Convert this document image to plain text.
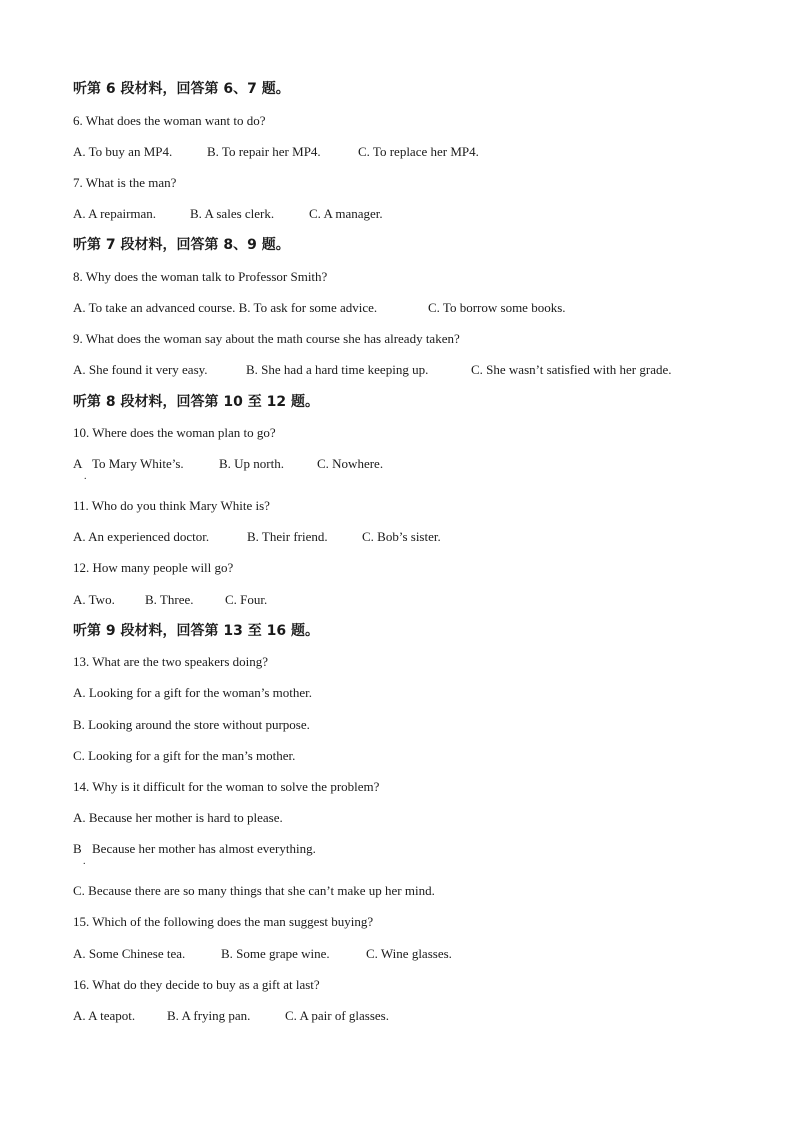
听第 6 段材料，回答第 6、7 题。
6. What does the woman want to do?
A. To buy an MP4.	B. To repair her MP4.	C. To replace her MP4.
7. What is the man?
A. A repairman.	B. A sales clerk.	C. A manager.
听第 7 段材料，回答第 8、9 题。
8. Why does the woman talk to Professor Smith?
A. To take an advanced course. B. To ask for some advice.	C. To borrow some books.
9. What does the woman say about the math course she has already taken?
A. She found it very easy.	B. She had a hard time keeping up.	C. She wasn’t satisfied with her grade.
听第 8 段材料，回答第 10 至 12 题。
10. Where does the woman plan to go?
A To Mary White’s.	B. Up north.	C. Nowhere.
.
11. Who do you think Mary White is?
A. An experienced doctor.	B. Their friend.	C. Bob’s sister.
12. How many people will go?
A. Two. B. Three. C. Four.
听第 9 段材料，回答第 13 至 16 题。
13. What are the two speakers doing?
A. Looking for a gift for the woman’s mother.
B. Looking around the store without purpose.
C. Looking for a gift for the man’s mother.
14. Why is it difficult for the woman to solve the problem?
A. Because her mother is hard to please.
B Because her mother has almost everything.
.
C. Because there are so many things that she can’t make up her mind.
15. Which of the following does the man suggest buying?
A. Some Chinese tea.	B. Some grape wine.	C. Wine glasses.
16. What do they decide to buy as a gift at last?
A. A teapot. B. A frying pan.	C. A pair of glasses.
